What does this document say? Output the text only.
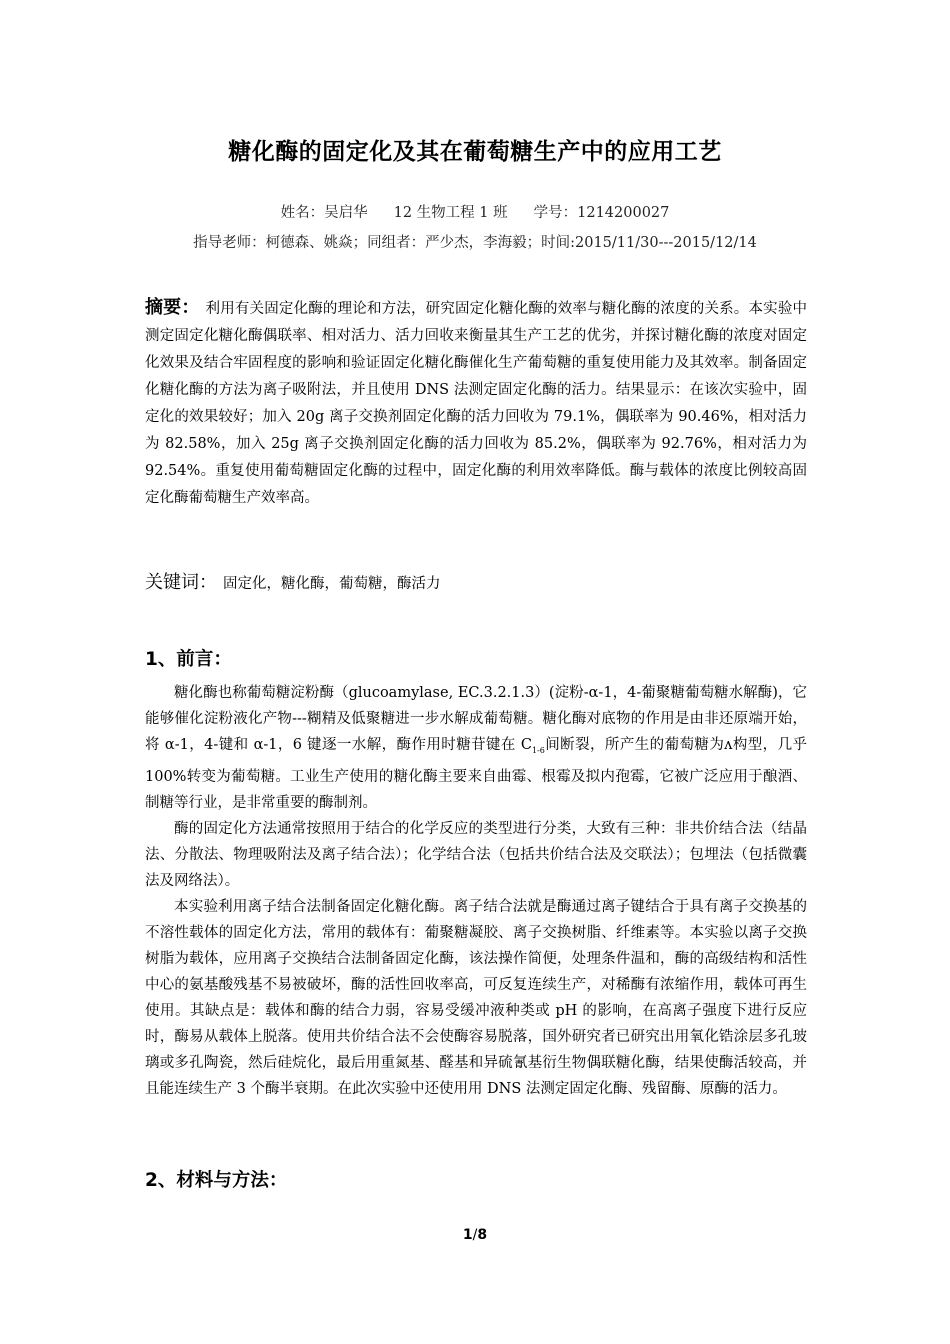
糖化酶的固定化及其在葡萄糖生产中的应用工艺
姓名：吴启华 12 生物工程 1 班 学号：1214200027
指导老师：柯德森、姚焱；同组者：严少杰，李海毅；时间:2015/11/30---2015/12/14
摘要： 利用有关固定化酶的理论和方法，研究固定化糖化酶的效率与糖化酶的浓度的关系。本实验中测定固定化糖化酶偶联率、相对活力、活力回收来衡量其生产工艺的优劣，并探讨糖化酶的浓度对固定化效果及结合牢固程度的影响和验证固定化糖化酶催化生产葡萄糖的重复使用能力及其效率。制备固定化糖化酶的方法为离子吸附法，并且使用 DNS 法测定固定化酶的活力。结果显示：在该次实验中，固定化的效果较好；加入 20g 离子交换剂固定化酶的活力回收为 79.1%，偶联率为 90.46%，相对活力为 82.58%，加入 25g 离子交换剂固定化酶的活力回收为 85.2%，偶联率为 92.76%，相对活力为 92.54%。重复使用葡萄糖固定化酶的过程中，固定化酶的利用效率降低。酶与载体的浓度比例较高固定化酶葡萄糖生产效率高。
关键词： 固定化，糖化酶，葡萄糖，酶活力
1、前言：

糖化酶也称葡萄糖淀粉酶（glucoamylase, EC.3.2.1.3）(淀粉-α-1，4-葡聚糖葡萄糖水解酶)，它能够催化淀粉液化产物---糊精及低聚糖进一步水解成葡萄糖。糖化酶对底物的作用是由非还原端开始，将 α-1，4-键和 α-1，6 键逐一水解，酶作用时糖苷键在 $C_{1-6}$间断裂，所产生的葡萄糖为ᴧ构型，几乎 100%转变为葡萄糖。工业生产使用的糖化酶主要来自曲霉、根霉及拟内孢霉，它被广泛应用于酿酒、制糖等行业，是非常重要的酶制剂。

酶的固定化方法通常按照用于结合的化学反应的类型进行分类，大致有三种：非共价结合法（结晶法、分散法、物理吸附法及离子结合法）；化学结合法（包括共价结合法及交联法）；包埋法（包括微囊法及网络法）。

本实验利用离子结合法制备固定化糖化酶。离子结合法就是酶通过离子键结合于具有离子交换基的不溶性载体的固定化方法，常用的载体有：葡聚糖凝胶、离子交换树脂、纤维素等。本实验以离子交换树脂为载体，应用离子交换结合法制备固定化酶，该法操作简便，处理条件温和，酶的高级结构和活性中心的氨基酸残基不易被破坏，酶的活性回收率高，可反复连续生产，对稀酶有浓缩作用，载体可再生使用。其缺点是：载体和酶的结合力弱，容易受缓冲液种类或 pH 的影响，在高离子强度下进行反应时，酶易从载体上脱落。使用共价结合法不会使酶容易脱落，国外研究者已研究出用氧化锆涂层多孔玻璃或多孔陶瓷，然后硅烷化，最后用重氮基、醛基和异硫氰基衍生物偶联糖化酶，结果使酶活较高，并且能连续生产 3 个酶半衰期。在此次实验中还使用用 DNS 法测定固定化酶、残留酶、原酶的活力。

2、材料与方法：
1/8
